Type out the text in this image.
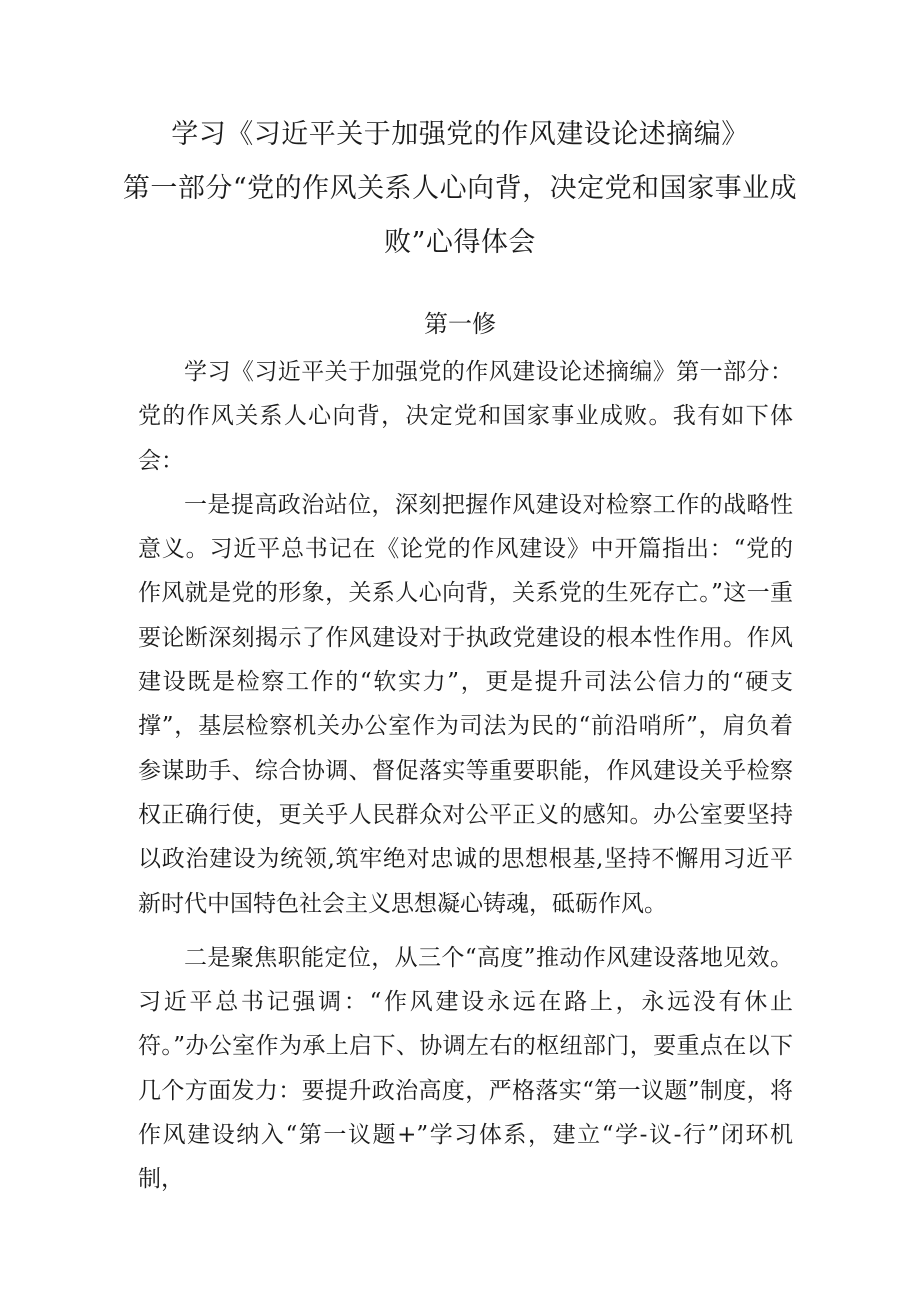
学习《习近平关于加强党的作风建设论述摘编》
第一部分“党的作风关系人心向背，决定党和国家事业成
败”心得体会
第一修

学习《习近平关于加强党的作风建设论述摘编》第一部分：党的作风关系人心向背，决定党和国家事业成败。我有如下体会：

一是提高政治站位，深刻把握作风建设对检察工作的战略性意义。习近平总书记在《论党的作风建设》中开篇指出：“党的作风就是党的形象，关系人心向背，关系党的生死存亡。”这一重要论断深刻揭示了作风建设对于执政党建设的根本性作用。作风建设既是检察工作的“软实力”，更是提升司法公信力的“硬支撑”，基层检察机关办公室作为司法为民的“前沿哨所”，肩负着参谋助手、综合协调、督促落实等重要职能，作风建设关乎检察权正确行使，更关乎人民群众对公平正义的感知。办公室要坚持以政治建设为统领,筑牢绝对忠诚的思想根基,坚持不懈用习近平新时代中国特色社会主义思想凝心铸魂，砥砺作风。

二是聚焦职能定位，从三个“高度”推动作风建设落地见效。习近平总书记强调：“作风建设永远在路上，永远没有休止符。”办公室作为承上启下、协调左右的枢纽部门，要重点在以下几个方面发力：要提升政治高度，严格落实“第一议题”制度，将作风建设纳入“第一议题+”学习体系，建立“学-议-行”闭环机制，
